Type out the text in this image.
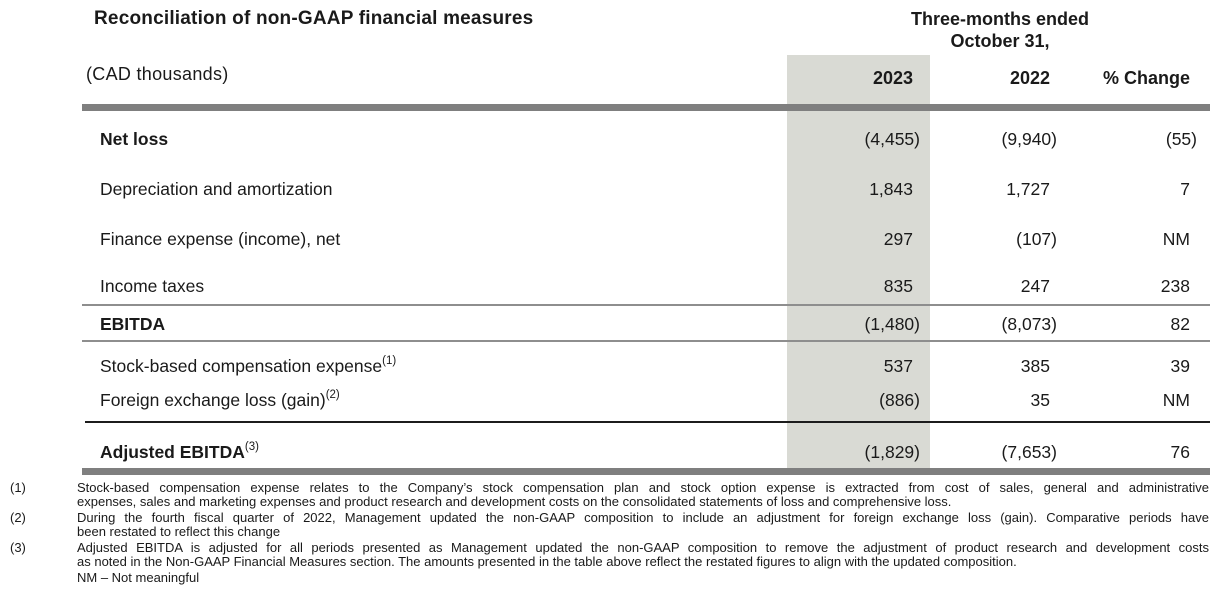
Reconciliation of non-GAAP financial measures	Three-months ended
October 31,
(CAD thousands)	2023	2022	% Change
Net loss	(4,455)	(9,940)	(55)
Depreciation and amortization	1,843	1,727	7
Finance expense (income), net	297	(107)	NM
Income taxes	835	247	238
EBITDA	(1,480)	(8,073)	82
Stock-based compensation expense$^{(1)}$	537	385	39
Foreign exchange loss (gain)$^{(2)}$	(886)	35	NM
Adjusted EBITDA$^{(3)}$	(1,829)	(7,653)	76
(1)	Stock-based compensation expense relates to the Company’s stock compensation plan and stock option expense is extracted from cost of sales, general and administrative
expenses, sales and marketing expenses and product research and development costs on the consolidated statements of loss and comprehensive loss.
(2)	During the fourth fiscal quarter of 2022, Management updated the non-GAAP composition to include an adjustment for foreign exchange loss (gain). Comparative periods have
been restated to reflect this change
(3)	Adjusted EBITDA is adjusted for all periods presented as Management updated the non-GAAP composition to remove the adjustment of product research and development costs
as noted in the Non-GAAP Financial Measures section. The amounts presented in the table above reflect the restated figures to align with the updated composition.
NM – Not meaningful
